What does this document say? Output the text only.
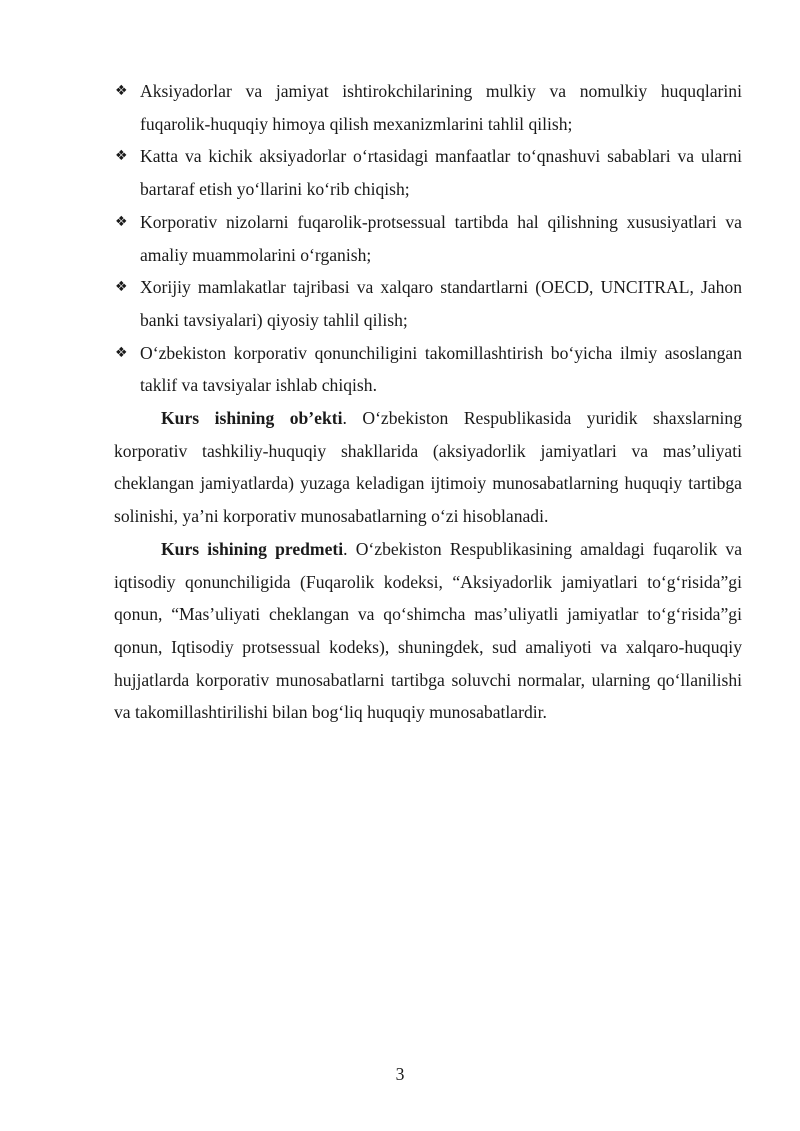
❖ Aksiyadorlar va jamiyat ishtirokchilarining mulkiy va nomulkiy huquqlarini fuqarolik-huquqiy himoya qilish mexanizmlarini tahlil qilish;
❖ Katta va kichik aksiyadorlar o‘rtasidagi manfaatlar to‘qnashuvi sabablari va ularni bartaraf etish yo‘llarini ko‘rib chiqish;
❖ Korporativ nizolarni fuqarolik-protsessual tartibda hal qilishning xususiyatlari va amaliy muammolarini o‘rganish;
❖ Xorijiy mamlakatlar tajribasi va xalqaro standartlarni (OECD, UNCITRAL, Jahon banki tavsiyalari) qiyosiy tahlil qilish;
❖ O‘zbekiston korporativ qonunchiligini takomillashtirish bo‘yicha ilmiy asoslangan taklif va tavsiyalar ishlab chiqish.

Kurs ishining ob’ekti. O‘zbekiston Respublikasida yuridik shaxslarning korporativ tashkiliy-huquqiy shakllarida (aksiyadorlik jamiyatlari va mas’uliyati cheklangan jamiyatlarda) yuzaga keladigan ijtimoiy munosabatlarning huquqiy tartibga solinishi, ya’ni korporativ munosabatlarning o‘zi hisoblanadi.

Kurs ishining predmeti. O‘zbekiston Respublikasining amaldagi fuqarolik va iqtisodiy qonunchiligida (Fuqarolik kodeksi, “Aksiyadorlik jamiyatlari to‘g‘risida”gi qonun, “Mas’uliyati cheklangan va qo‘shimcha mas’uliyatli jamiyatlar to‘g‘risida”gi qonun, Iqtisodiy protsessual kodeks), shuningdek, sud amaliyoti va xalqaro-huquqiy hujjatlarda korporativ munosabatlarni tartibga soluvchi normalar, ularning qo‘llanilishi va takomillashtirilishi bilan bog‘liq huquqiy munosabatlardir.

3
